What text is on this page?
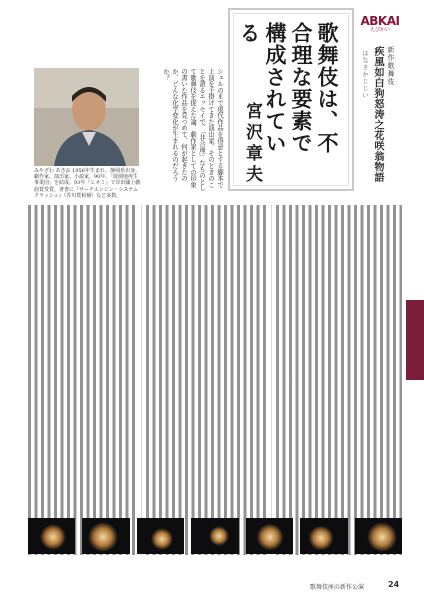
ABKAI
えびかい
新作歌舞伎
疾風如白狗怒涛之花咲翁物語
はなさかじじい
歌舞伎は、不合理な要素で構成されている
宮沢章夫
シェルのまで現代作品を得意とする脚本で上演を手掛けてきた演出家。そのときのことを語るエッセイで、「非合理」なものとして歌舞伎を捉えた論、劇作家としての印象の書いた作品を見つめて、何が起きたのか、どんな化学変化が生まれるのだろうか？
みやざわ あきお 1956年生まれ、静岡県出身。劇作家、演出家、小説家。90年、「遊園地再生事業団」を結成。93年『ヒネミ』で岸田國士戯曲賞受賞。著書に『サーチエンジン・システムクラッシュ』（芥川賞候補）など多数。
歌舞伎座の新作公演	24
